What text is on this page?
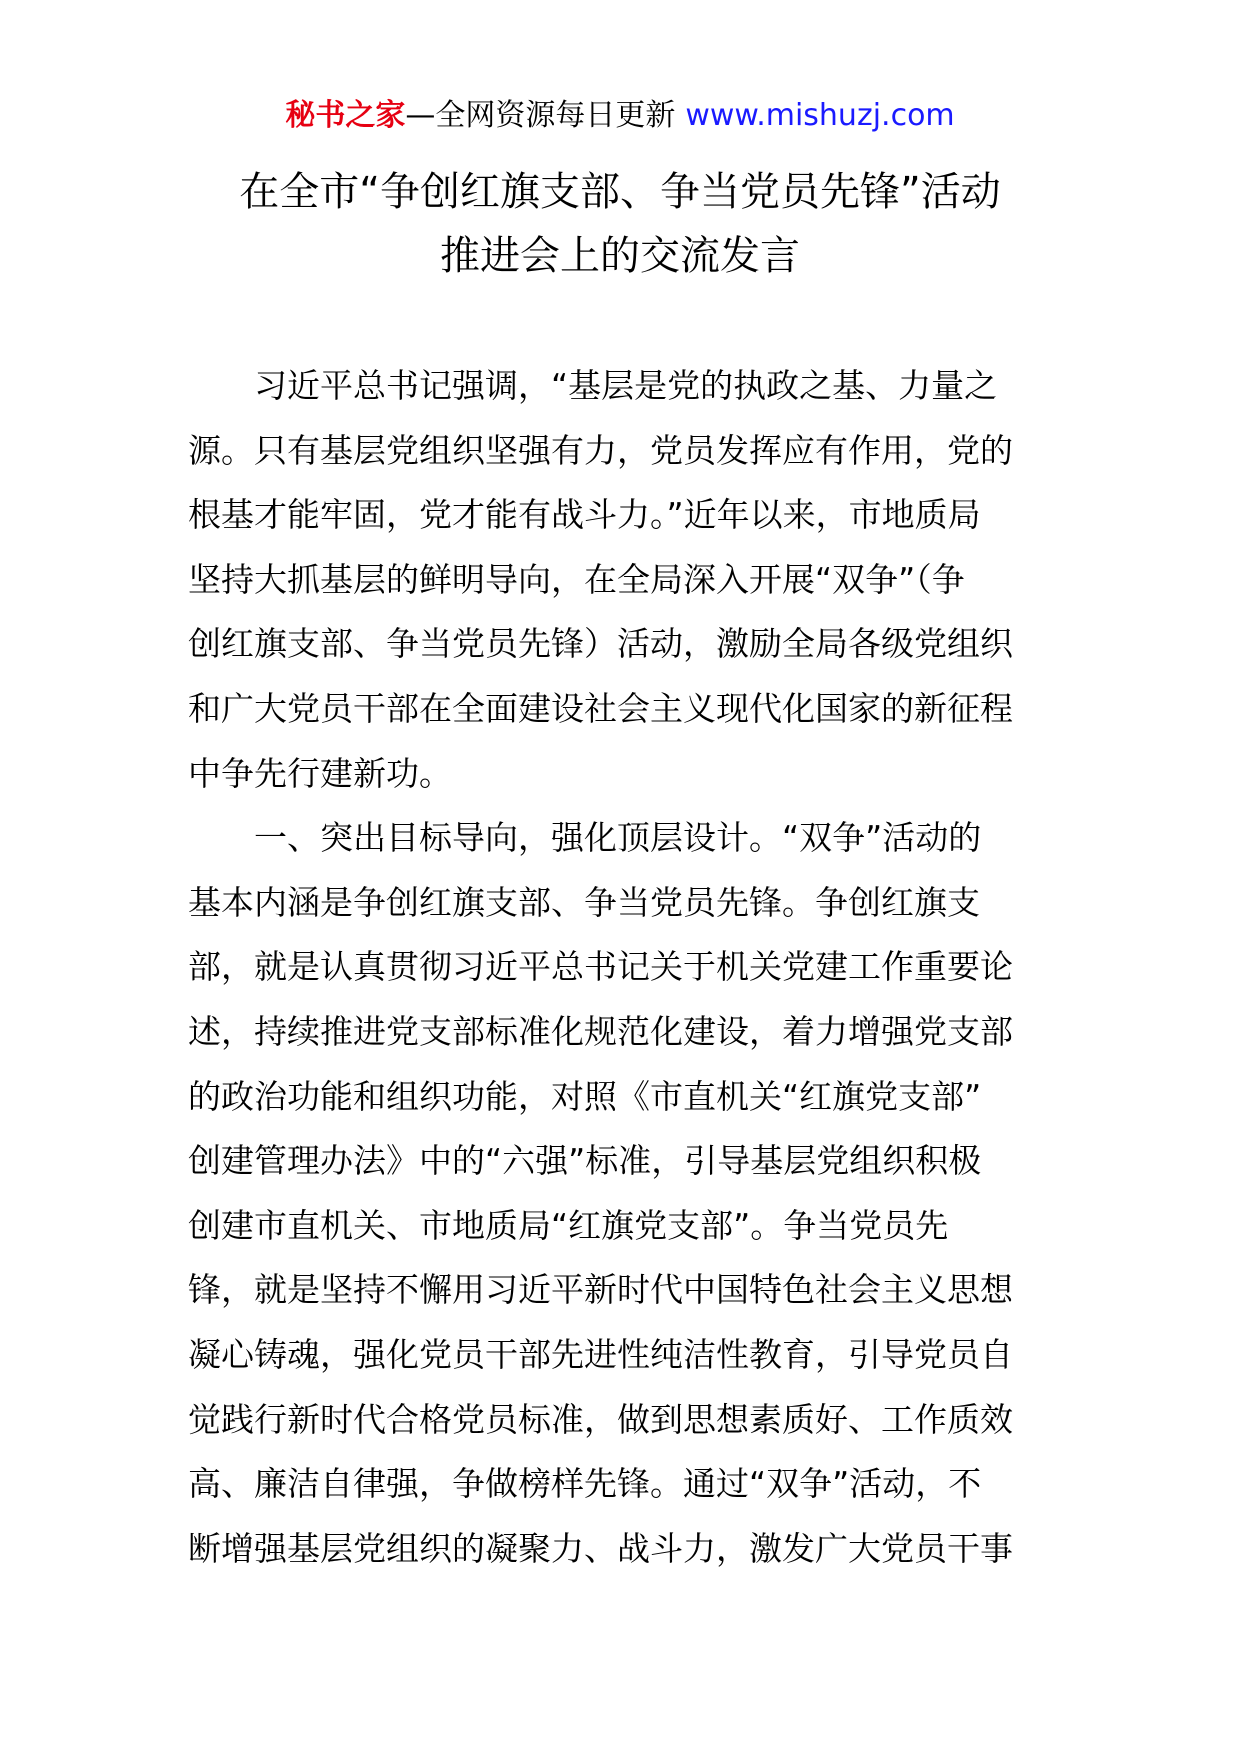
秘书之家—全网资源每日更新 www.mishuzj.com
在全市“争创红旗支部、争当党员先锋”活动
推进会上的交流发言

习近平总书记强调，“基层是党的执政之基、力量之
源。只有基层党组织坚强有力，党员发挥应有作用，党的
根基才能牢固，党才能有战斗力。”近年以来，市地质局
坚持大抓基层的鲜明导向，在全局深入开展“双争”（争
创红旗支部、争当党员先锋）活动，激励全局各级党组织
和广大党员干部在全面建设社会主义现代化国家的新征程
中争先行建新功。

一、突出目标导向，强化顶层设计。“双争”活动的
基本内涵是争创红旗支部、争当党员先锋。争创红旗支
部，就是认真贯彻习近平总书记关于机关党建工作重要论
述，持续推进党支部标准化规范化建设，着力增强党支部
的政治功能和组织功能，对照《市直机关“红旗党支部”
创建管理办法》中的“六强”标准，引导基层党组织积极
创建市直机关、市地质局“红旗党支部”。争当党员先
锋，就是坚持不懈用习近平新时代中国特色社会主义思想
凝心铸魂，强化党员干部先进性纯洁性教育，引导党员自
觉践行新时代合格党员标准，做到思想素质好、工作质效
高、廉洁自律强，争做榜样先锋。通过“双争”活动，不
断增强基层党组织的凝聚力、战斗力，激发广大党员干事
